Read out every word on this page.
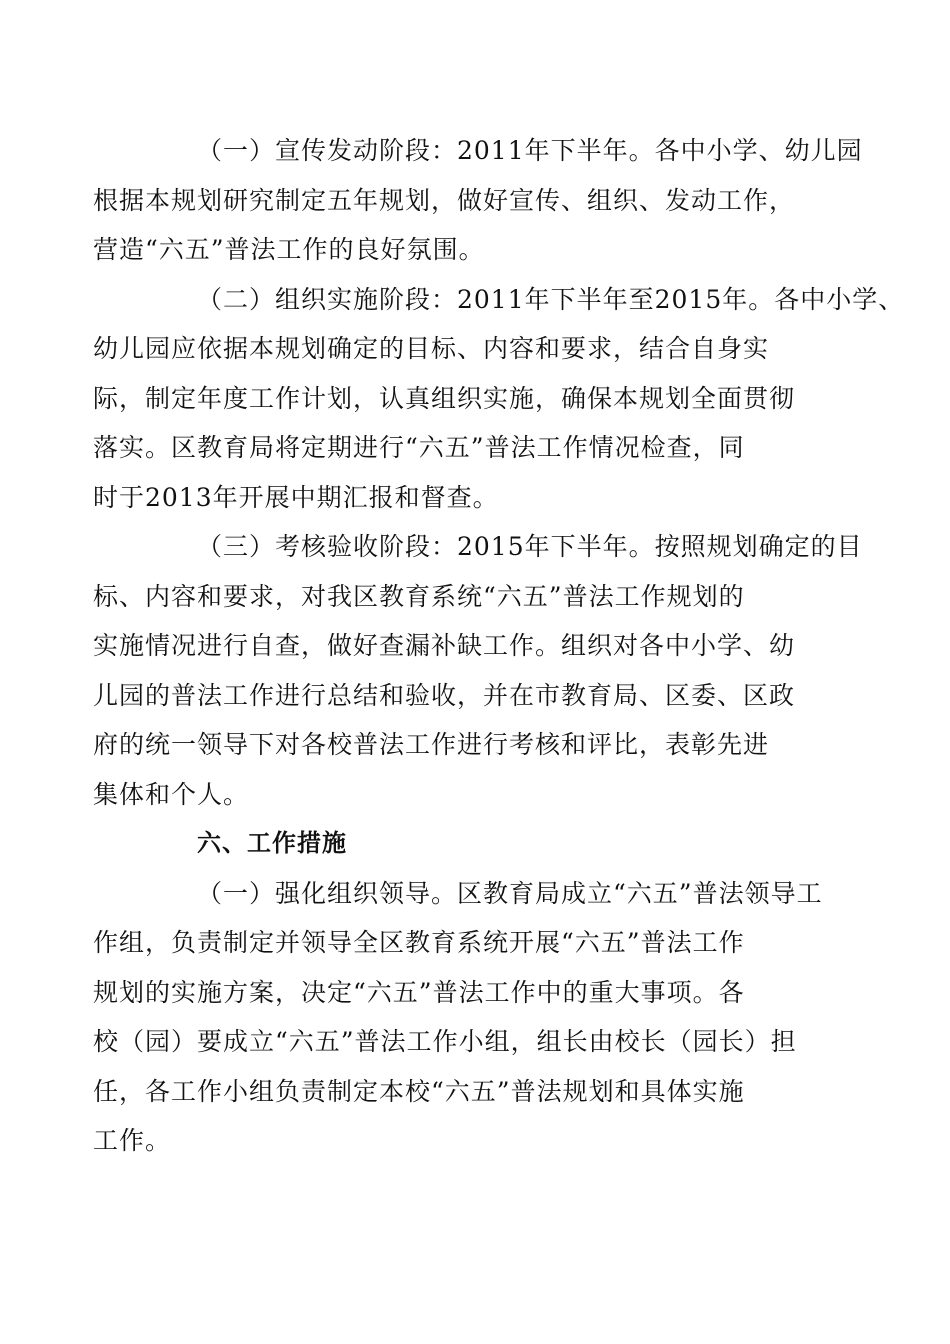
（一）宣传发动阶段：2011年下半年。各中小学、幼儿园
根据本规划研究制定五年规划，做好宣传、组织、发动工作，
营造“六五”普法工作的良好氛围。

（二）组织实施阶段：2011年下半年至2015年。各中小学、
幼儿园应依据本规划确定的目标、内容和要求，结合自身实
际，制定年度工作计划，认真组织实施，确保本规划全面贯彻
落实。区教育局将定期进行“六五”普法工作情况检查，同
时于2013年开展中期汇报和督查。

（三）考核验收阶段：2015年下半年。按照规划确定的目
标、内容和要求，对我区教育系统“六五”普法工作规划的
实施情况进行自查，做好查漏补缺工作。组织对各中小学、幼
儿园的普法工作进行总结和验收，并在市教育局、区委、区政
府的统一领导下对各校普法工作进行考核和评比，表彰先进
集体和个人。

六、工作措施

（一）强化组织领导。区教育局成立“六五”普法领导工
作组，负责制定并领导全区教育系统开展“六五”普法工作
规划的实施方案，决定“六五”普法工作中的重大事项。各
校（园）要成立“六五”普法工作小组，组长由校长（园长）担
任，各工作小组负责制定本校“六五”普法规划和具体实施
工作。
